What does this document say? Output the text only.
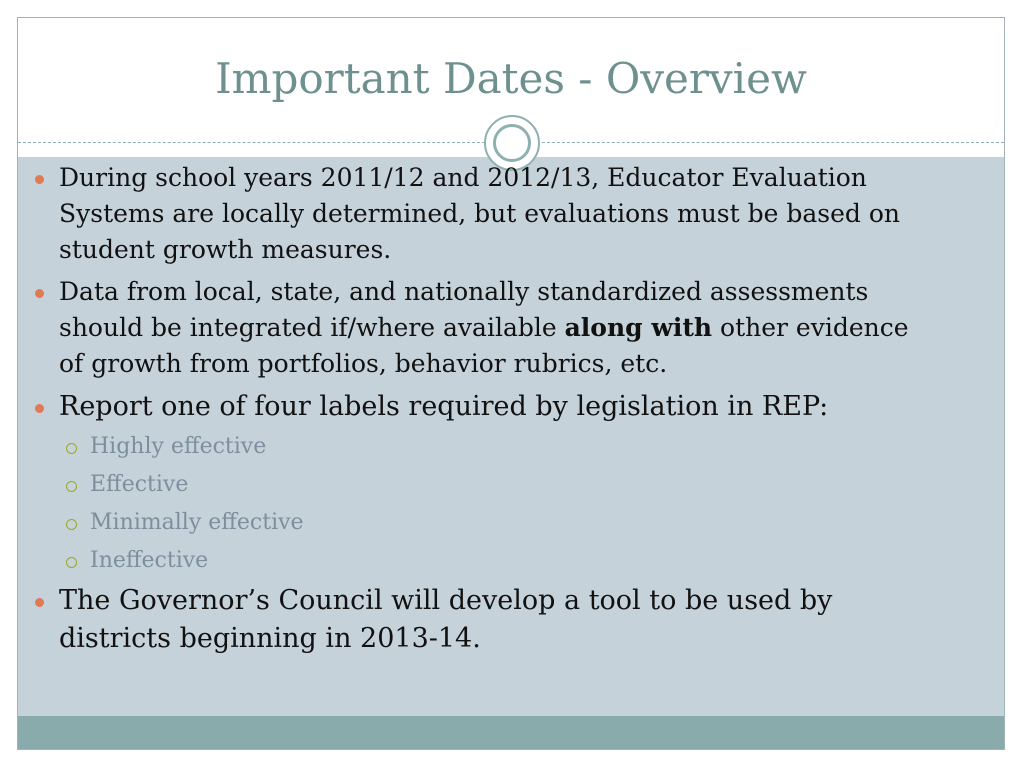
Important Dates - Overview
During school years 2011/12 and 2012/13, Educator Evaluation Systems are locally determined, but evaluations must be based on student growth measures.
Data from local, state, and nationally standardized assessments should be integrated if/where available along with other evidence of growth from portfolios, behavior rubrics, etc.
Report one of four labels required by legislation in REP:
Highly effective
Effective
Minimally effective
Ineffective
The Governor’s Council will develop a tool to be used by districts beginning in 2013-14.
